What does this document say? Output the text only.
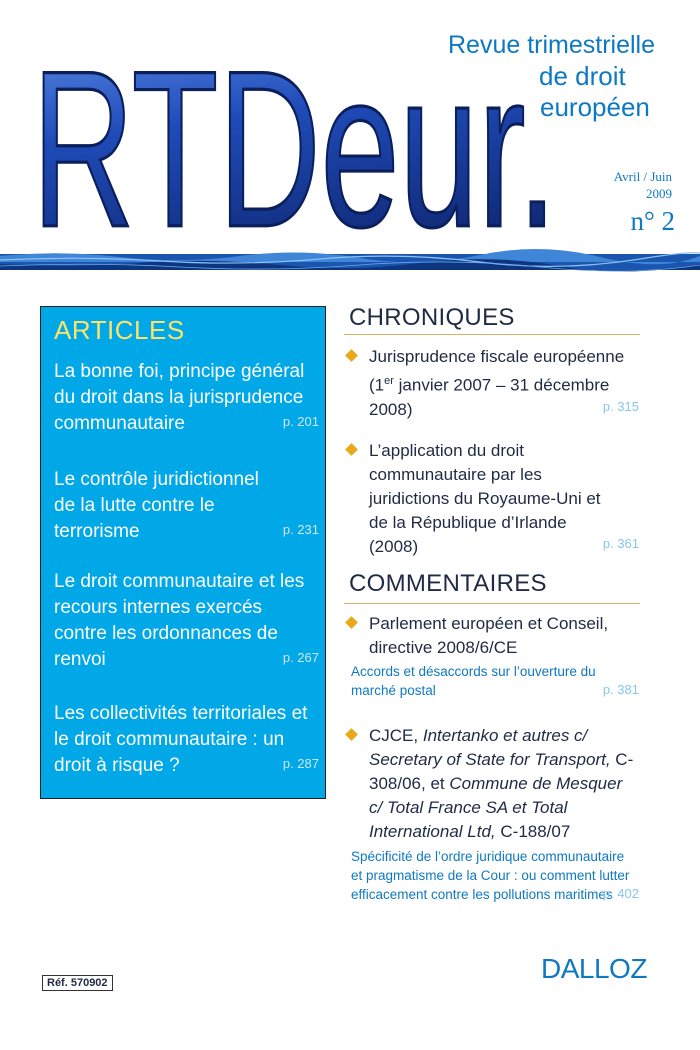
RTDeur.
Revue trimestrielle
de droit
européen
Avril / Juin
2009
n° 2
ARTICLES
La bonne foi, principe général du droit dans la jurisprudence communautaire	p. 201
Le contrôle juridictionnel de la lutte contre le terrorisme	p. 231
Le droit communautaire et les recours internes exercés contre les ordonnances de renvoi	p. 267
Les collectivités territoriales et le droit communautaire : un droit à risque ?	p. 287
CHRONIQUES
Jurisprudence fiscale européenne (1er janvier 2007 – 31 décembre 2008)	p. 315
L’application du droit communautaire par les juridictions du Royaume-Uni et de la République d’Irlande (2008)	p. 361
COMMENTAIRES
Parlement européen et Conseil, directive 2008/6/CE
Accords et désaccords sur l’ouverture du marché postal	p. 381
CJCE, Intertanko et autres c/ Secretary of State for Transport, C-308/06, et Commune de Mesquer c/ Total France SA et Total International Ltd, C-188/07
Spécificité de l’ordre juridique communautaire et pragmatisme de la Cour : ou comment lutter efficacement contre les pollutions maritimes
p. 402
Réf. 570902	DALLOZ
